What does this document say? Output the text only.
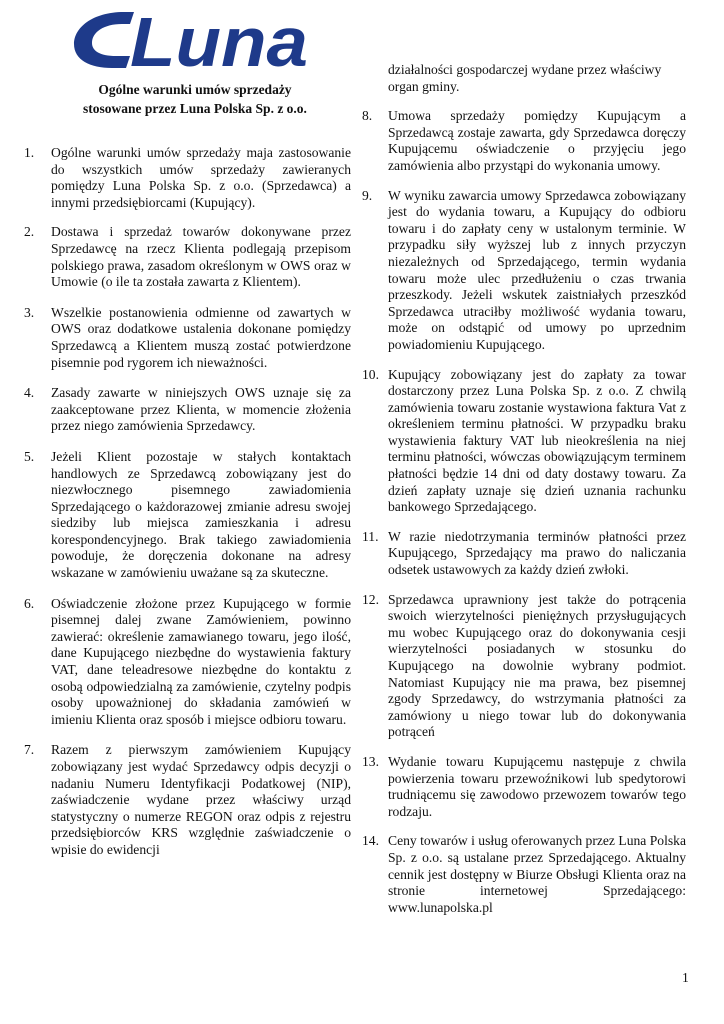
Luna
Ogólne warunki umów sprzedaży
stosowane przez Luna Polska Sp. z o.o.
1.	Ogólne warunki umów sprzedaży maja zastosowanie do wszystkich umów sprzedaży zawieranych pomiędzy Luna Polska Sp. z o.o. (Sprzedawca) a innymi przedsiębiorcami (Kupujący).
2.	Dostawa i sprzedaż towarów dokonywane przez Sprzedawcę na rzecz Klienta podlegają przepisom polskiego prawa, zasadom określonym w OWS oraz w Umowie (o ile ta została zawarta z Klientem).
3.	Wszelkie postanowienia odmienne od zawartych w OWS oraz dodatkowe ustalenia dokonane pomiędzy Sprzedawcą a Klientem muszą zostać potwierdzone pisemnie pod rygorem ich nieważności.
4.	Zasady zawarte w niniejszych OWS uznaje się za zaakceptowane przez Klienta, w momencie złożenia przez niego zamówienia Sprzedawcy.
5.	Jeżeli Klient pozostaje w stałych kontaktach handlowych ze Sprzedawcą zobowiązany jest do niezwłocznego pisemnego zawiadomienia Sprzedającego o każdorazowej zmianie adresu swojej siedziby lub miejsca zamieszkania i adresu korespondencyjnego. Brak takiego zawiadomienia powoduje, że doręczenia dokonane na adresy wskazane w zamówieniu uważane są za skuteczne.
6.	Oświadczenie złożone przez Kupującego w formie pisemnej dalej zwane Zamówieniem, powinno zawierać: określenie zamawianego towaru, jego ilość, dane Kupującego niezbędne do wystawienia faktury VAT, dane teleadresowe niezbędne do kontaktu z osobą odpowiedzialną za zamówienie, czytelny podpis osoby upoważnionej do składania zamówień w imieniu Klienta oraz sposób i miejsce odbioru towaru.
7.	Razem z pierwszym zamówieniem Kupujący zobowiązany jest wydać Sprzedawcy odpis decyzji o nadaniu Numeru Identyfikacji Podatkowej (NIP), zaświadczenie wydane przez właściwy urząd statystyczny o numerze REGON oraz odpis z rejestru przedsiębiorców KRS względnie zaświadczenie o wpisie do ewidencji
działalności gospodarczej wydane przez właściwy organ gminy.
8.	Umowa sprzedaży pomiędzy Kupującym a Sprzedawcą zostaje zawarta, gdy Sprzedawca doręczy Kupującemu oświadczenie o przyjęciu jego zamówienia albo przystąpi do wykonania umowy.
9.	W wyniku zawarcia umowy Sprzedawca zobowiązany jest do wydania towaru, a Kupujący do odbioru towaru i do zapłaty ceny w ustalonym terminie. W przypadku siły wyższej lub z innych przyczyn niezależnych od Sprzedającego, termin wydania towaru może ulec przedłużeniu o czas trwania przeszkody. Jeżeli wskutek zaistniałych przeszkód Sprzedawca utraciłby możliwość wydania towaru, może on odstąpić od umowy po uprzednim powiadomieniu Kupującego.
10. Kupujący zobowiązany jest do zapłaty za towar dostarczony przez Luna Polska Sp. z o.o. Z chwilą zamówienia towaru zostanie wystawiona faktura Vat z określeniem terminu płatności. W przypadku braku wystawienia faktury VAT lub nieokreślenia na niej terminu płatności, wówczas obowiązującym terminem płatności będzie 14 dni od daty dostawy towaru. Za dzień zapłaty uznaje się dzień uznania rachunku bankowego Sprzedającego.
11. W razie niedotrzymania terminów płatności przez Kupującego, Sprzedający ma prawo do naliczania odsetek ustawowych za każdy dzień zwłoki.
12. Sprzedawca uprawniony jest także do potrącenia swoich wierzytelności pieniężnych przysługujących mu wobec Kupującego oraz do dokonywania cesji wierzytelności posiadanych w stosunku do Kupującego na dowolnie wybrany podmiot. Natomiast Kupujący nie ma prawa, bez pisemnej zgody Sprzedawcy, do wstrzymania płatności za zamówiony u niego towar lub do dokonywania potrąceń
13. Wydanie towaru Kupującemu następuje z chwila powierzenia towaru przewoźnikowi lub spedytorowi trudniącemu się zawodowo przewozem towarów tego rodzaju.
14. Ceny towarów i usług oferowanych przez Luna Polska Sp. z o.o. są ustalane przez Sprzedającego. Aktualny cennik jest dostępny w Biurze Obsługi Klienta oraz na stronie internetowej Sprzedającego: www.lunapolska.pl
1
